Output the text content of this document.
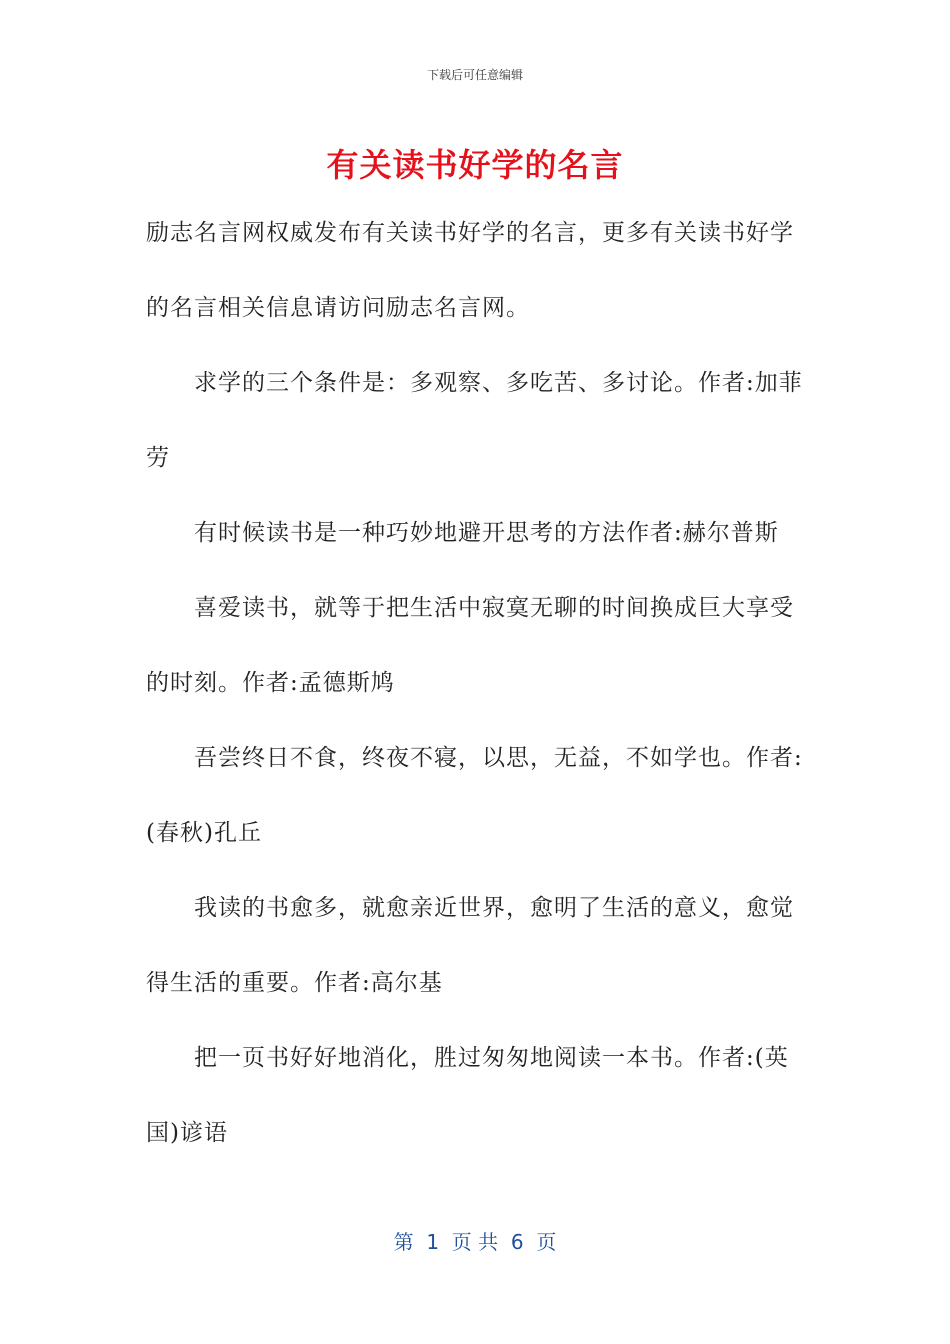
下载后可任意编辑
有关读书好学的名言

励志名言网权威发布有关读书好学的名言，更多有关读书好学的名言相关信息请访问励志名言网。

求学的三个条件是：多观察、多吃苦、多讨论。作者:加菲劳

有时候读书是一种巧妙地避开思考的方法作者:赫尔普斯

喜爱读书，就等于把生活中寂寞无聊的时间换成巨大享受的时刻。作者:孟德斯鸠

吾尝终日不食，终夜不寝，以思，无益，不如学也。作者:(春秋)孔丘

我读的书愈多，就愈亲近世界，愈明了生活的意义，愈觉得生活的重要。作者:高尔基

把一页书好好地消化，胜过匆匆地阅读一本书。作者:(英国)谚语

第  1  页 共  6  页
